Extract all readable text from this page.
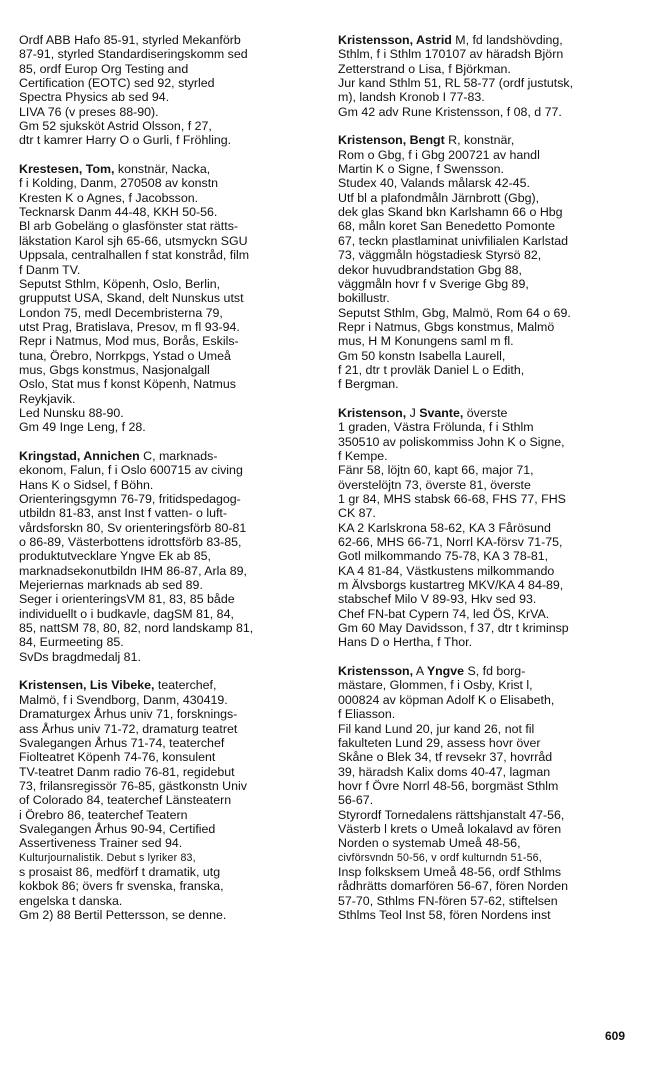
Ordf ABB Hafo 85-91, styrled Mekanförb
87-91, styrled Standardiseringskomm sed
85, ordf Europ Org Testing and
Certification (EOTC) sed 92, styrled
Spectra Physics ab sed 94.
LIVA 76 (v preses 88-90).
Gm 52 sjuksköt Astrid Olsson, f 27,
dtr t kamrer Harry O o Gurli, f Fröhling.
Krestesen, Tom, konstnär, Nacka,
f i Kolding, Danm, 270508 av konstn
Kresten K o Agnes, f Jacobsson.
Tecknarsk Danm 44-48, KKH 50-56.
Bl arb Gobeläng o glasfönster stat rätts-
läkstation Karol sjh 65-66, utsmyckn SGU
Uppsala, centralhallen f stat konstråd, film
f Danm TV.
Seputst Sthlm, Köpenh, Oslo, Berlin,
grupputst USA, Skand, delt Nunskus utst
London 75, medl Decembristerna 79,
utst Prag, Bratislava, Presov, m fl 93-94.
Repr i Natmus, Mod mus, Borås, Eskils-
tuna, Örebro, Norrkpgs, Ystad o Umeå
mus, Gbgs konstmus, Nasjonalgall
Oslo, Stat mus f konst Köpenh, Natmus
Reykjavik.
Led Nunsku 88-90.
Gm 49 Inge Leng, f 28.
Kringstad, Annichen C, marknads-
ekonom, Falun, f i Oslo 600715 av civing
Hans K o Sidsel, f Böhn.
Orienteringsgymn 76-79, fritidspedagog-
utbildn 81-83, anst Inst f vatten- o luft-
vårdsforskn 80, Sv orienteringsförb 80-81
o 86-89, Västerbottens idrottsförb 83-85,
produktutvecklare Yngve Ek ab 85,
marknadsekonutbildn IHM 86-87, Arla 89,
Mejeriernas marknads ab sed 89.
Seger i orienteringsVM 81, 83, 85 både
individuellt o i budkavle, dagSM 81, 84,
85, nattSM 78, 80, 82, nord landskamp 81,
84, Eurmeeting 85.
SvDs bragdmedalj 81.
Kristensen, Lis Vibeke, teaterchef,
Malmö, f i Svendborg, Danm, 430419.
Dramaturgex Århus univ 71, forsknings-
ass Århus univ 71-72, dramaturg teatret
Svalegangen Århus 71-74, teaterchef
Fiolteatret Köpenh 74-76, konsulent
TV-teatret Danm radio 76-81, regidebut
73, frilansregissör 76-85, gästkonstn Univ
of Colorado 84, teaterchef Länsteatern
i Örebro 86, teaterchef Teatern
Svalegangen Århus 90-94, Certified
Assertiveness Trainer sed 94.
Kulturjournalistik. Debut s lyriker 83,
s prosaist 86, medförf t dramatik, utg
kokbok 86; övers fr svenska, franska,
engelska t danska.
Gm 2) 88 Bertil Pettersson, se denne.
Kristensson, Astrid M, fd landshövding,
Sthlm, f i Sthlm 170107 av häradsh Björn
Zetterstrand o Lisa, f Björkman.
Jur kand Sthlm 51, RL 58-77 (ordf justutsk,
m), landsh Kronob I 77-83.
Gm 42 adv Rune Kristensson, f 08, d 77.
Kristenson, Bengt R, konstnär,
Rom o Gbg, f i Gbg 200721 av handl
Martin K o Signe, f Swensson.
Studex 40, Valands målarsk 42-45.
Utf bl a plafondmåln Järnbrott (Gbg),
dek glas Skand bkn Karlshamn 66 o Hbg
68, måln koret San Benedetto Pomonte
67, teckn plastlaminat univfilialen Karlstad
73, väggmåln högstadiesk Styrsö 82,
dekor huvudbrandstation Gbg 88,
väggmåln hovr f v Sverige Gbg 89,
bokillustr.
Seputst Sthlm, Gbg, Malmö, Rom 64 o 69.
Repr i Natmus, Gbgs konstmus, Malmö
mus, H M Konungens saml m fl.
Gm 50 konstn Isabella Laurell,
f 21, dtr t provläk Daniel L o Edith,
f Bergman.
Kristenson, J Svante, överste
1 graden, Västra Frölunda, f i Sthlm
350510 av poliskommiss John K o Signe,
f Kempe.
Fänr 58, löjtn 60, kapt 66, major 71,
överstelöjtn 73, överste 81, överste
1 gr 84, MHS stabsk 66-68, FHS 77, FHS
CK 87.
KA 2 Karlskrona 58-62, KA 3 Fårösund
62-66, MHS 66-71, Norrl KA-försv 71-75,
Gotl milkommando 75-78, KA 3 78-81,
KA 4 81-84, Västkustens milkommando
m Älvsborgs kustartreg MKV/KA 4 84-89,
stabschef Milo V 89-93, Hkv sed 93.
Chef FN-bat Cypern 74, led ÖS, KrVA.
Gm 60 May Davidsson, f 37, dtr t kriminsp
Hans D o Hertha, f Thor.
Kristensson, A Yngve S, fd borg-
mästare, Glommen, f i Osby, Krist l,
000824 av köpman Adolf K o Elisabeth,
f Eliasson.
Fil kand Lund 20, jur kand 26, not fil
fakulteten Lund 29, assess hovr över
Skåne o Blek 34, tf revsekr 37, hovrråd
39, häradsh Kalix doms 40-47, lagman
hovr f Övre Norrl 48-56, borgmäst Sthlm
56-67.
Styrordf Tornedalens rättshjanstalt 47-56,
Västerb l krets o Umeå lokalavd av fören
Norden o systemab Umeå 48-56,
civförsvndn 50-56, v ordf kulturndn 51-56,
Insp folksksem Umeå 48-56, ordf Sthlms
rådhrätts domarfören 56-67, fören Norden
57-70, Sthlms FN-fören 57-62, stiftelsen
Sthlms Teol Inst 58, fören Nordens inst
609
